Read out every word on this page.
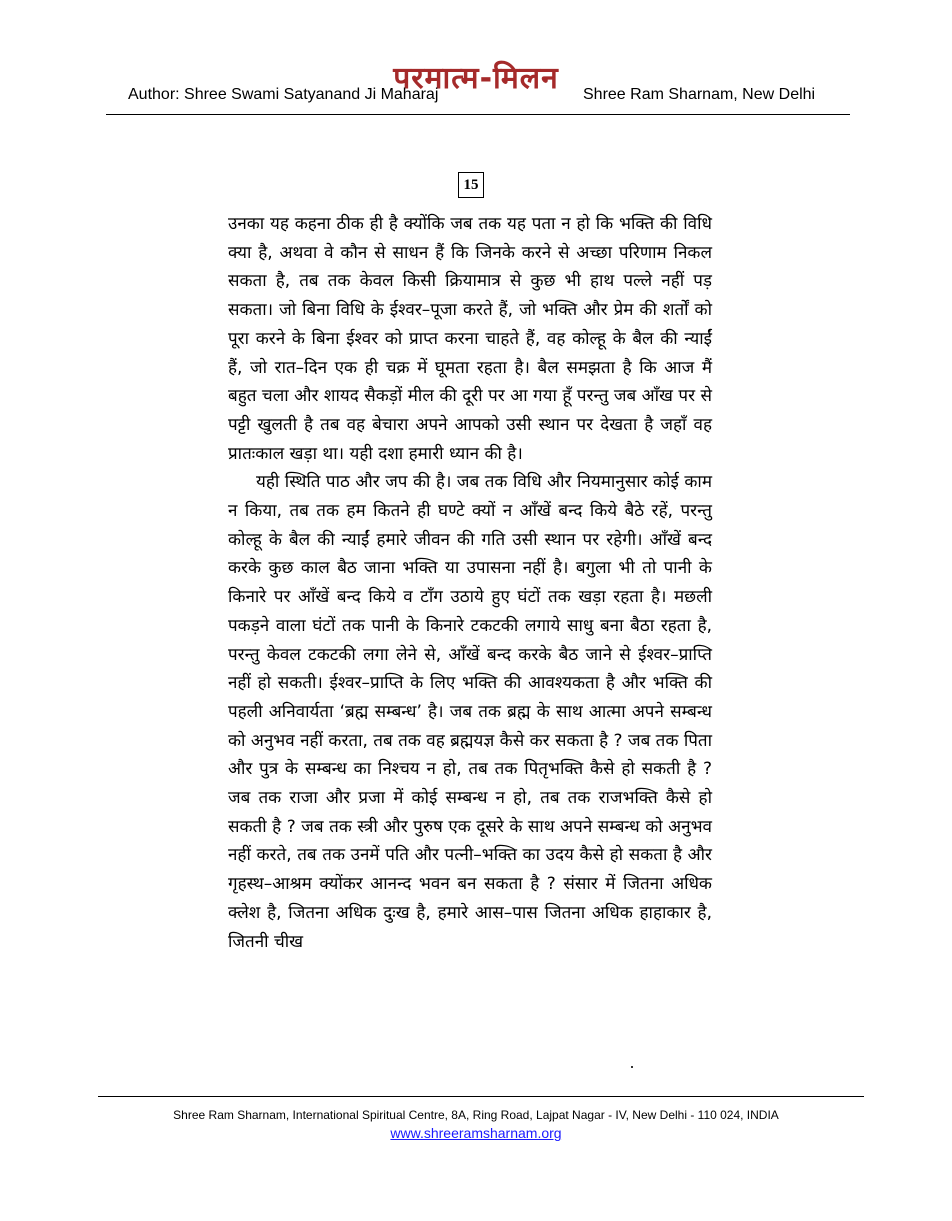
परमात्म-मिलन
Author: Shree Swami Satyanand Ji Maharaj	Shree Ram Sharnam, New Delhi
15

उनका यह कहना ठीक ही है क्योंकि जब तक यह पता न हो कि भक्ति की विधि क्या है, अथवा वे कौन से साधन हैं कि जिनके करने से अच्छा परिणाम निकल सकता है, तब तक केवल किसी क्रियामात्र से कुछ भी हाथ पल्ले नहीं पड़ सकता। जो बिना विधि के ईश्वर–पूजा करते हैं, जो भक्ति और प्रेम की शर्तों को पूरा करने के बिना ईश्वर को प्राप्त करना चाहते हैं, वह कोल्हू के बैल की न्याईं हैं, जो रात–दिन एक ही चक्र में घूमता रहता है। बैल समझता है कि आज मैं बहुत चला और शायद सैकड़ों मील की दूरी पर आ गया हूँ परन्तु जब आँख पर से पट्टी खुलती है तब वह बेचारा अपने आपको उसी स्थान पर देखता है जहाँ वह प्रातःकाल खड़ा था। यही दशा हमारी ध्यान की है।

यही स्थिति पाठ और जप की है। जब तक विधि और नियमानुसार कोई काम न किया, तब तक हम कितने ही घण्टे क्यों न आँखें बन्द किये बैठे रहें, परन्तु कोल्हू के बैल की न्याईं हमारे जीवन की गति उसी स्थान पर रहेगी। आँखें बन्द करके कुछ काल बैठ जाना भक्ति या उपासना नहीं है। बगुला भी तो पानी के किनारे पर आँखें बन्द किये व टाँग उठाये हुए घंटों तक खड़ा रहता है। मछली पकड़ने वाला घंटों तक पानी के किनारे टकटकी लगाये साधु बना बैठा रहता है, परन्तु केवल टकटकी लगा लेने से, आँखें बन्द करके बैठ जाने से ईश्वर–प्राप्ति नहीं हो सकती। ईश्वर–प्राप्ति के लिए भक्ति की आवश्यकता है और भक्ति की पहली अनिवार्यता ‘ब्रह्म सम्बन्ध’ है। जब तक ब्रह्म के साथ आत्मा अपने सम्बन्ध को अनुभव नहीं करता, तब तक वह ब्रह्मयज्ञ कैसे कर सकता है ? जब तक पिता और पुत्र के सम्बन्ध का निश्चय न हो, तब तक पितृभक्ति कैसे हो सकती है ? जब तक राजा और प्रजा में कोई सम्बन्ध न हो, तब तक राजभक्ति कैसे हो सकती है ? जब तक स्त्री और पुरुष एक दूसरे के साथ अपने सम्बन्ध को अनुभव नहीं करते, तब तक उनमें पति और पत्नी–भक्ति का उदय कैसे हो सकता है और गृहस्थ–आश्रम क्योंकर आनन्द भवन बन सकता है ? संसार में जितना अधिक क्लेश है, जितना अधिक दुःख है, हमारे आस–पास जितना अधिक हाहाकार है, जितनी चीख

Shree Ram Sharnam, International Spiritual Centre, 8A, Ring Road, Lajpat Nagar - IV, New Delhi - 110 024, INDIA
www.shreeramsharnam.org
